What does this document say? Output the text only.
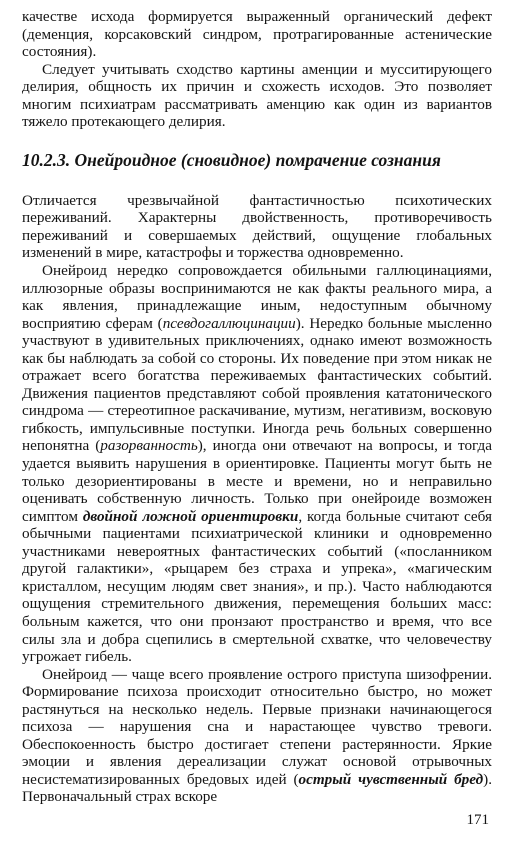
качестве исхода формируется выраженный органический дефект (деменция, корсаковский синдром, протрагированные астенические состояния).

Следует учитывать сходство картины аменции и мусситирующего делирия, общность их причин и схожесть исходов. Это позволяет многим психиатрам рассматривать аменцию как один из вариантов тяжело протекающего делирия.

10.2.3. Онейроидное (сновидное) помрачение сознания

Отличается чрезвычайной фантастичностью психотических переживаний. Характерны двойственность, противоречивость переживаний и совершаемых действий, ощущение глобальных изменений в мире, катастрофы и торжества одновременно.

Онейроид нередко сопровождается обильными галлюцинациями, иллюзорные образы воспринимаются не как факты реального мира, а как явления, принадлежащие иным, недоступным обычному восприятию сферам (псевдогаллюцинации). Нередко больные мысленно участвуют в удивительных приключениях, однако имеют возможность как бы наблюдать за собой со стороны. Их поведение при этом никак не отражает всего богатства переживаемых фантастических событий. Движения пациентов представляют собой проявления кататонического синдрома — стереотипное раскачивание, мутизм, негативизм, восковую гибкость, импульсивные поступки. Иногда речь больных совершенно непонятна (разорванность), иногда они отвечают на вопросы, и тогда удается выявить нарушения в ориентировке. Пациенты могут быть не только дезориентированы в месте и времени, но и неправильно оценивать собственную личность. Только при онейроиде возможен симптом двойной ложной ориентировки, когда больные считают себя обычными пациентами психиатрической клиники и одновременно участниками невероятных фантастических событий («посланником другой галактики», «рыцарем без страха и упрека», «магическим кристаллом, несущим людям свет знания», и пр.). Часто наблюдаются ощущения стремительного движения, перемещения больших масс: больным кажется, что они пронзают пространство и время, что все силы зла и добра сцепились в смертельной схватке, что человечеству угрожает гибель.

Онейроид — чаще всего проявление острого приступа шизофрении. Формирование психоза происходит относительно быстро, но может растянуться на несколько недель. Первые признаки начинающегося психоза — нарушения сна и нарастающее чувство тревоги. Обеспокоенность быстро достигает степени растерянности. Яркие эмоции и явления дереализации служат основой отрывочных несистематизированных бредовых идей (острый чувственный бред). Первоначальный страх вскоре

171
